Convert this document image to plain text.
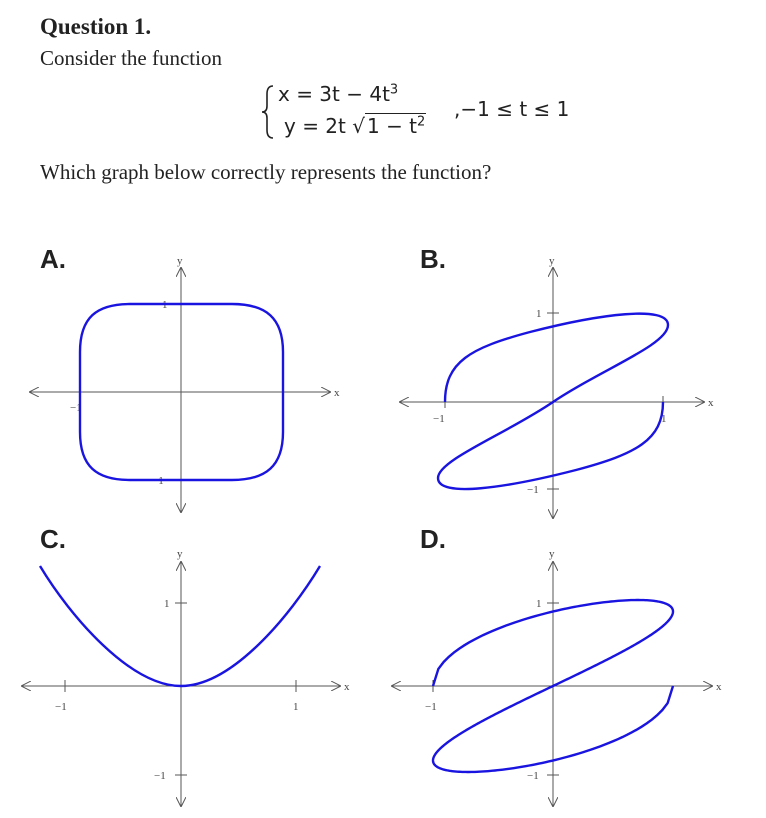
Question 1.
Consider the function
$x = 3t - 4t^3$
y = 2t √ $1 - t^2$
,−1 ≤ t ≤ 1
Which graph below correctly represents the function?
A.	B.
C.	D.
x
y
−1
1
−1
x
y
−1	1
1
−1
x
y
−1	1
1
−1
x
y
−1
1
−1
